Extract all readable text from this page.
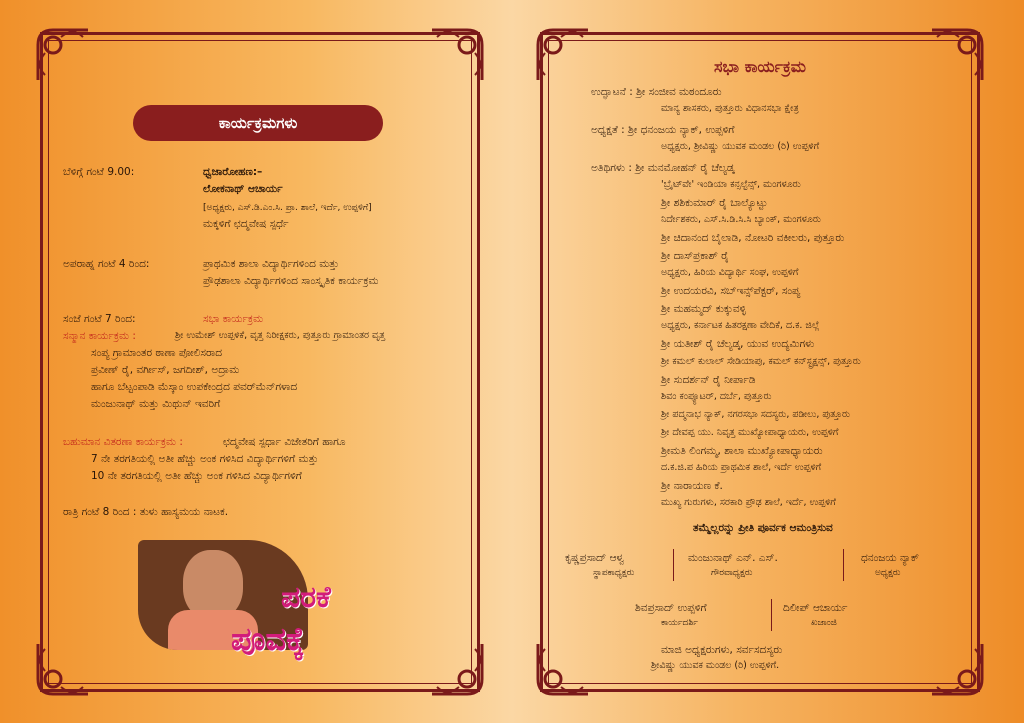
ಕಾರ್ಯಕ್ರಮಗಳು
ಬೆಳಿಗ್ಗೆ ಗಂಟೆ 9.00:	ಧ್ವಜಾರೋಹಣ:–
ಲೋಕನಾಥ್ ಆಚಾರ್ಯ
[ಅಧ್ಯಕ್ಷರು, ಎಸ್.ಡಿ.ಎಂ.ಸಿ. ಪ್ರಾ. ಶಾಲೆ, ಇರ್ದೆ, ಉಪ್ಪಳಿಗೆ]
ಮಕ್ಕಳಿಗೆ ಛದ್ಮವೇಷ ಸ್ಪರ್ಧೆ
ಅಪರಾಹ್ನ ಗಂಟೆ 4 ರಿಂದ:	ಪ್ರಾಥಮಿಕ ಶಾಲಾ ವಿದ್ಯಾರ್ಥಿಗಳಿಂದ ಮತ್ತು
ಪ್ರೌಢಶಾಲಾ ವಿದ್ಯಾರ್ಥಿಗಳಿಂದ ಸಾಂಸ್ಕೃತಿಕ ಕಾರ್ಯಕ್ರಮ
ಸಂಜೆ ಗಂಟೆ 7 ರಿಂದ:	ಸಭಾ ಕಾರ್ಯಕ್ರಮ
ಸನ್ಮಾನ ಕಾರ್ಯಕ್ರಮ :	ಶ್ರೀ ಉಮೇಶ್ ಉಪ್ಪಳಿಕೆ, ವೃತ್ತ ನಿರೀಕ್ಷಕರು, ಪುತ್ತೂರು ಗ್ರಾಮಾಂತರ ವೃತ್ತ
ಸಂಪ್ಯ ಗ್ರಾಮಾಂತರ ಠಾಣಾ ಪೋಲಿಸರಾದ
ಪ್ರವೀಣ್ ರೈ, ವರ್ಗೀಸ್, ಜಗದೀಶ್, ಅದ್ರಾಮ
ಹಾಗೂ ಬೆಟ್ಟಂಪಾಡಿ ಮೆಸ್ಕಾಂ ಉಪಕೇಂದ್ರದ ಪವರ್‌ಮೆನ್‌ಗಳಾದ
ಮಂಜುನಾಥ್ ಮತ್ತು ಮಿಥುನ್ ಇವರಿಗೆ
ಬಹುಮಾನ ವಿತರಣಾ ಕಾರ್ಯಕ್ರಮ :	ಛದ್ಮವೇಷ ಸ್ಪರ್ಧಾ ವಿಜೇತರಿಗೆ ಹಾಗೂ
7 ನೇ ತರಗತಿಯಲ್ಲಿ ಅತೀ ಹೆಚ್ಚು ಅಂಕ ಗಳಿಸಿದ ವಿದ್ಯಾರ್ಥಿಗಳಿಗೆ ಮತ್ತು
10 ನೇ ತರಗತಿಯಲ್ಲಿ ಅತೀ ಹೆಚ್ಚು ಅಂಕ ಗಳಿಸಿದ ವಿದ್ಯಾರ್ಥಿಗಳಿಗೆ
ರಾತ್ರಿ ಗಂಟೆ 8 ರಿಂದ : ತುಳು ಹಾಸ್ಯಮಯ ನಾಟಕ.
ಪರಕೆ
ಪೂವಕ್ಕೆ
ಸಭಾ ಕಾರ್ಯಕ್ರಮ
ಉದ್ಘಾಟನೆ : ಶ್ರೀ ಸಂಜೀವ ಮಠಂದೂರು
ಮಾನ್ಯ ಶಾಸಕರು, ಪುತ್ತೂರು ವಿಧಾನಸಭಾ ಕ್ಷೇತ್ರ
ಅಧ್ಯಕ್ಷತೆ : ಶ್ರೀ ಧನಂಜಯ ನ್ಯಾಕ್, ಉಪ್ಪಳಿಗೆ
ಅಧ್ಯಕ್ಷರು, ಶ್ರೀವಿಷ್ಣು ಯುವಕ ಮಂಡಲ (ರಿ) ಉಪ್ಪಳಿಗೆ
ಅತಿಥಿಗಳು : ಶ್ರೀ ಮನಮೋಹನ್ ರೈ ಚೆಲ್ಯಡ್ಕ
'ಬ್ರೈಟ್‌ವೇ' ಇಂಡಿಯಾ ಕನ್ಸಲ್ಟೆನ್ಸ್, ಮಂಗಳೂರು
ಶ್ರೀ ಶಶಿಕುಮಾರ್ ರೈ ಬಾಲ್ಯೊಟ್ಟು
ನಿರ್ದೇಶಕರು, ಎಸ್.ಸಿ.ಡಿ.ಸಿ.ಸಿ ಬ್ಯಾಂಕ್, ಮಂಗಳೂರು
ಶ್ರೀ ಚಿದಾನಂದ ಬೈಲಾಡಿ, ನೋಟರಿ ವಕೀಲರು, ಪುತ್ತೂರು
ಶ್ರೀ ದಾಸ್‌ಪ್ರಕಾಶ್ ರೈ
ಅಧ್ಯಕ್ಷರು, ಹಿರಿಯ ವಿದ್ಯಾರ್ಥಿ ಸಂಘ, ಉಪ್ಪಳಿಗೆ
ಶ್ರೀ ಉದಯರವಿ, ಸಬ್‌ಇನ್ಸ್‌ಪೆಕ್ಟರ್, ಸಂಪ್ಯ
ಶ್ರೀ ಮಹಮ್ಮದ್ ಕುಕ್ಕುವಳ್ಳಿ
ಅಧ್ಯಕ್ಷರು, ಕರ್ನಾಟಕ ಹಿತರಕ್ಷಣಾ ವೇದಿಕೆ, ದ.ಕ. ಜಿಲ್ಲೆ
ಶ್ರೀ ಯತೀಶ್ ರೈ ಚೆಲ್ಯಡ್ಕ, ಯುವ ಉದ್ಯಮಿಗಳು
ಶ್ರೀ ಕಮಲ್ ಕುಲಾಲ್ ಸೇಡಿಯಾಪು, ಕಮಲ್ ಕನ್‌ಸ್ಟ್ರಕ್ಷನ್ಸ್, ಪುತ್ತೂರು
ಶ್ರೀ ಸುದರ್ಶನ್ ರೈ ನೀರ್ಪಾಡಿ
ಶಿವಂ ಕಂಪ್ಯೂಟರ್, ದರ್ಬೆ, ಪುತ್ತೂರು
ಶ್ರೀ ಪದ್ಮನಾಭ ನ್ಯಾಕ್, ನಗರಸಭಾ ಸದಸ್ಯರು, ಪಡೀಲು, ಪುತ್ತೂರು
ಶ್ರೀ ದೇವಪ್ಪ ಯು. ನಿವೃತ್ತ ಮುಖ್ಯೋಪಾಧ್ಯಾಯರು, ಉಪ್ಪಳಿಗೆ
ಶ್ರೀಮತಿ ಲಿಂಗಮ್ಮ, ಶಾಲಾ ಮುಖ್ಯೋಪಾಧ್ಯಾಯರು
ದ.ಕ.ಜಿ.ಪ ಹಿರಿಯ ಪ್ರಾಥಮಿಕ ಶಾಲೆ, ಇರ್ದೆ ಉಪ್ಪಳಿಗೆ
ಶ್ರೀ ನಾರಾಯಣ ಕೆ.
ಮುಖ್ಯ ಗುರುಗಳು, ಸರಕಾರಿ ಪ್ರೌಢ ಶಾಲೆ, ಇರ್ದೆ, ಉಪ್ಪಳಿಗೆ
ತಮ್ಮೆಲ್ಲರನ್ನು ಪ್ರೀತಿ ಪೂರ್ವಕ ಆಮಂತ್ರಿಸುವ
ಕೃಷ್ಣಪ್ರಸಾದ್ ಆಳ್ವ
ಸ್ಥಾಪಕಾಧ್ಯಕ್ಷರು
ಮಂಜುನಾಥ್ ಎನ್. ಎಸ್.
ಗೌರವಾಧ್ಯಕ್ಷರು
ಧನಂಜಯ ನ್ಯಾಕ್
ಅಧ್ಯಕ್ಷರು
ಶಿವಪ್ರಸಾದ್ ಉಪ್ಪಳಿಗೆ
ಕಾರ್ಯದರ್ಶಿ
ದಿಲೀಪ್ ಆಚಾರ್ಯ
ಖಜಾಂಜಿ
ಮಾಜಿ ಅಧ್ಯಕ್ಷರುಗಳು, ಸರ್ವಸದಸ್ಯರು
ಶ್ರೀವಿಷ್ಣು ಯುವಕ ಮಂಡಲ (ರಿ) ಉಪ್ಪಳಿಗೆ.
